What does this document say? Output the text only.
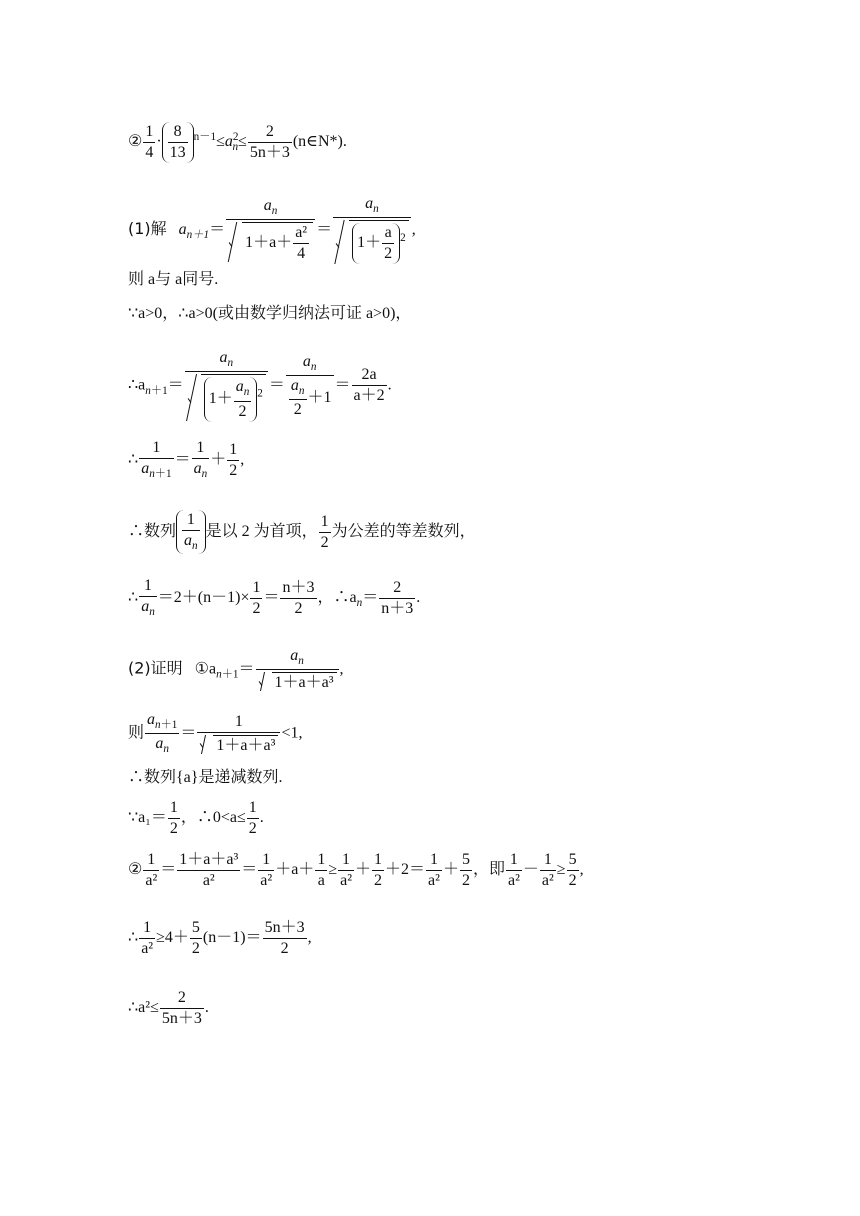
② $\frac{1}{4} \cdot \frac{8}{13} ^{n-1}\le a^2_n\le \frac{2}{5n+3}$ (n∈N*).
(1)解 $a_{n+1}= \frac{a_n}{1+a+ \frac{\text{a²}}{4}} = \frac{a_n}{1+ \frac{a}{2} ^2}$ ,
则 a与 a同号.
∵a>0，∴a>0(或由数学归纳法可证 a>0)，
$\therefore a_{n+1}= \frac{a_n}{1+ \frac{a_n}{2} ^2} = \frac{a_n}{\frac{a_n}{2} +1} = \frac{2a}{a+2}$ .
∴ $\frac{1}{a_{n+1}} = \frac{1}{a_n} + \frac{1}{2}$ ,
∴数列 $\frac{1}{a_n}$ 是以 2 为首项， $\frac{1}{2}$ 为公差的等差数列，
∴ $\frac{1}{a_n} =2+(n-1)\times \frac{1}{2} = \frac{n+3}{2}$ ，$\therefore a_n= \frac{2}{n+3}$ .
(2)证明 $①a_{n+1}= \frac{a_n}{\text{1＋a＋a³}}$ ,
则 $\frac{a_{n+1}}{a_n} = \frac{1}{\text{1＋a＋a³}} <1$,
∴数列{a}是递减数列.
∵a₁＝ $\frac{1}{2}$ ，∴0<a≤ $\frac{1}{2}$ .
② $\frac{1}{\text{a²}} = \frac{\text{1＋a＋a³}}{\text{a²}} = \frac{1}{\text{a²}} +a+ \frac{1}{a} \ge \frac{1}{\text{a²}} + \frac{1}{2} +2= \frac{1}{\text{a²}} + \frac{5}{2}$ ，即 $\frac{1}{\text{a²}} - \frac{1}{\text{a²}} \ge \frac{5}{2}$ ,
∴ $\frac{1}{\text{a²}} \ge 4+ \frac{5}{2} (n-1)= \frac{5n+3}{2}$ ,
∴a²≤ $\frac{2}{5n+3}$ .
